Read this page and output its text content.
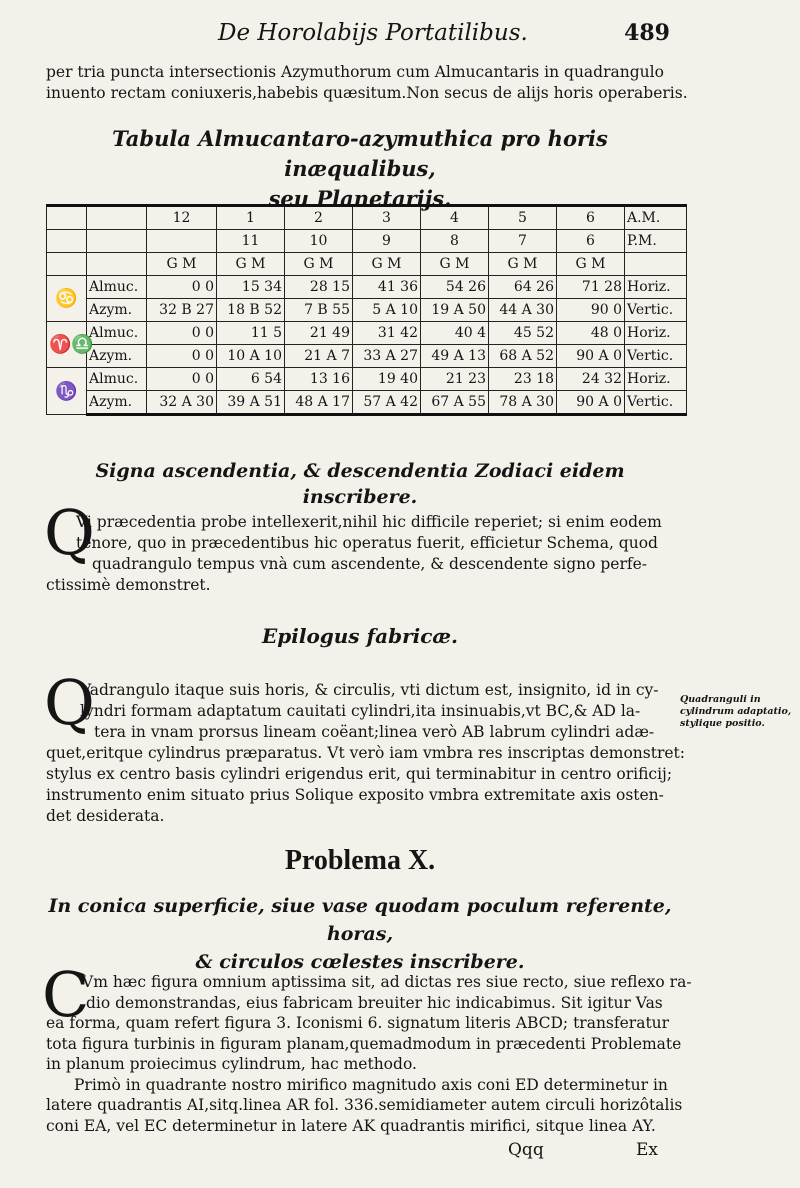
De Horolabijs Portatilibus.	489
per tria puncta intersectionis Azymuthorum cum Almucantaris in quadrangulo
inuento rectam coniuxeris,habebis quæsitum.Non secus de alijs horis operaberis.
Tabula Almucantaro-azymuthica pro horis inæqualibus,
seu Planetarijs.
		12	1	2	3	4	5	6	A.M.
			11	10	9	8	7	6	P.M.
		G M	G M	G M	G M	G M	G M	G M	
♋	Almuc.	0 0	15 34	28 15	41 36	54 26	64 26	71 28	Horiz.
	Azym.	32 B 27	18 B 52	7 B 55	5 A 10	19 A 50	44 A 30	90 0	Vertic.
♈♎	Almuc.	0 0	11 5	21 49	31 42	40 4	45 52	48 0	Horiz.
	Azym.	0 0	10 A 10	21 A 7	33 A 27	49 A 13	68 A 52	90 A 0	Vertic.
♑	Almuc.	0 0	6 54	13 16	19 40	21 23	23 18	24 32	Horiz.
	Azym.	32 A 30	39 A 51	48 A 17	57 A 42	67 A 55	78 A 30	90 A 0	Vertic.
Signa ascendentia, & descendentia Zodiaci eidem inscribere.
Q
Vi præcedentia probe intellexerit,nihil hic difficile reperiet; si enim eodem
tenore, quo in præcedentibus hic operatus fuerit, efficietur Schema, quod
quadrangulo tempus vnà cum ascendente, & descendente signo perfe-
ctissimè demonstret.
Epilogus fabricæ.
Q
Vadrangulo itaque suis horis, & circulis, vti dictum est, insignito, id in cy-
lyndri formam adaptatum cauitati cylindri,ita insinuabis,vt BC,& AD la-
tera in vnam prorsus lineam coëant;linea verò AB labrum cylindri adæ-
quet,eritque cylindrus præparatus. Vt verò iam vmbra res inscriptas demonstret:
stylus ex centro basis cylindri erigendus erit, qui terminabitur in centro orificij;
instrumento enim situato prius Solique exposito vmbra extremitate axis osten-
det desiderata.
Quadranguli in cylindrum adaptatio, stylique positio.
Problema X.
In conica superficie, siue vase quodam poculum referente, horas,
& circulos cœlestes inscribere.
C
Vm hæc figura omnium aptissima sit, ad dictas res siue recto, siue reflexo ra-
dio demonstrandas, eius fabricam breuiter hic indicabimus. Sit igitur Vas
ea forma, quam refert figura 3. Iconismi 6. signatum literis ABCD; transferatur
tota figura turbinis in figuram planam,quemadmodum in præcedenti Problemate
in planum proiecimus cylindrum, hac methodo.
Primò in quadrante nostro mirifico magnitudo axis coni ED determinetur in
latere quadrantis AI,sitq.linea AR fol. 336.semidiameter autem circuli horizôtalis
coni EA, vel EC determinetur in latere AK quadrantis mirifici, sitque linea AY.
Qqq	Ex
